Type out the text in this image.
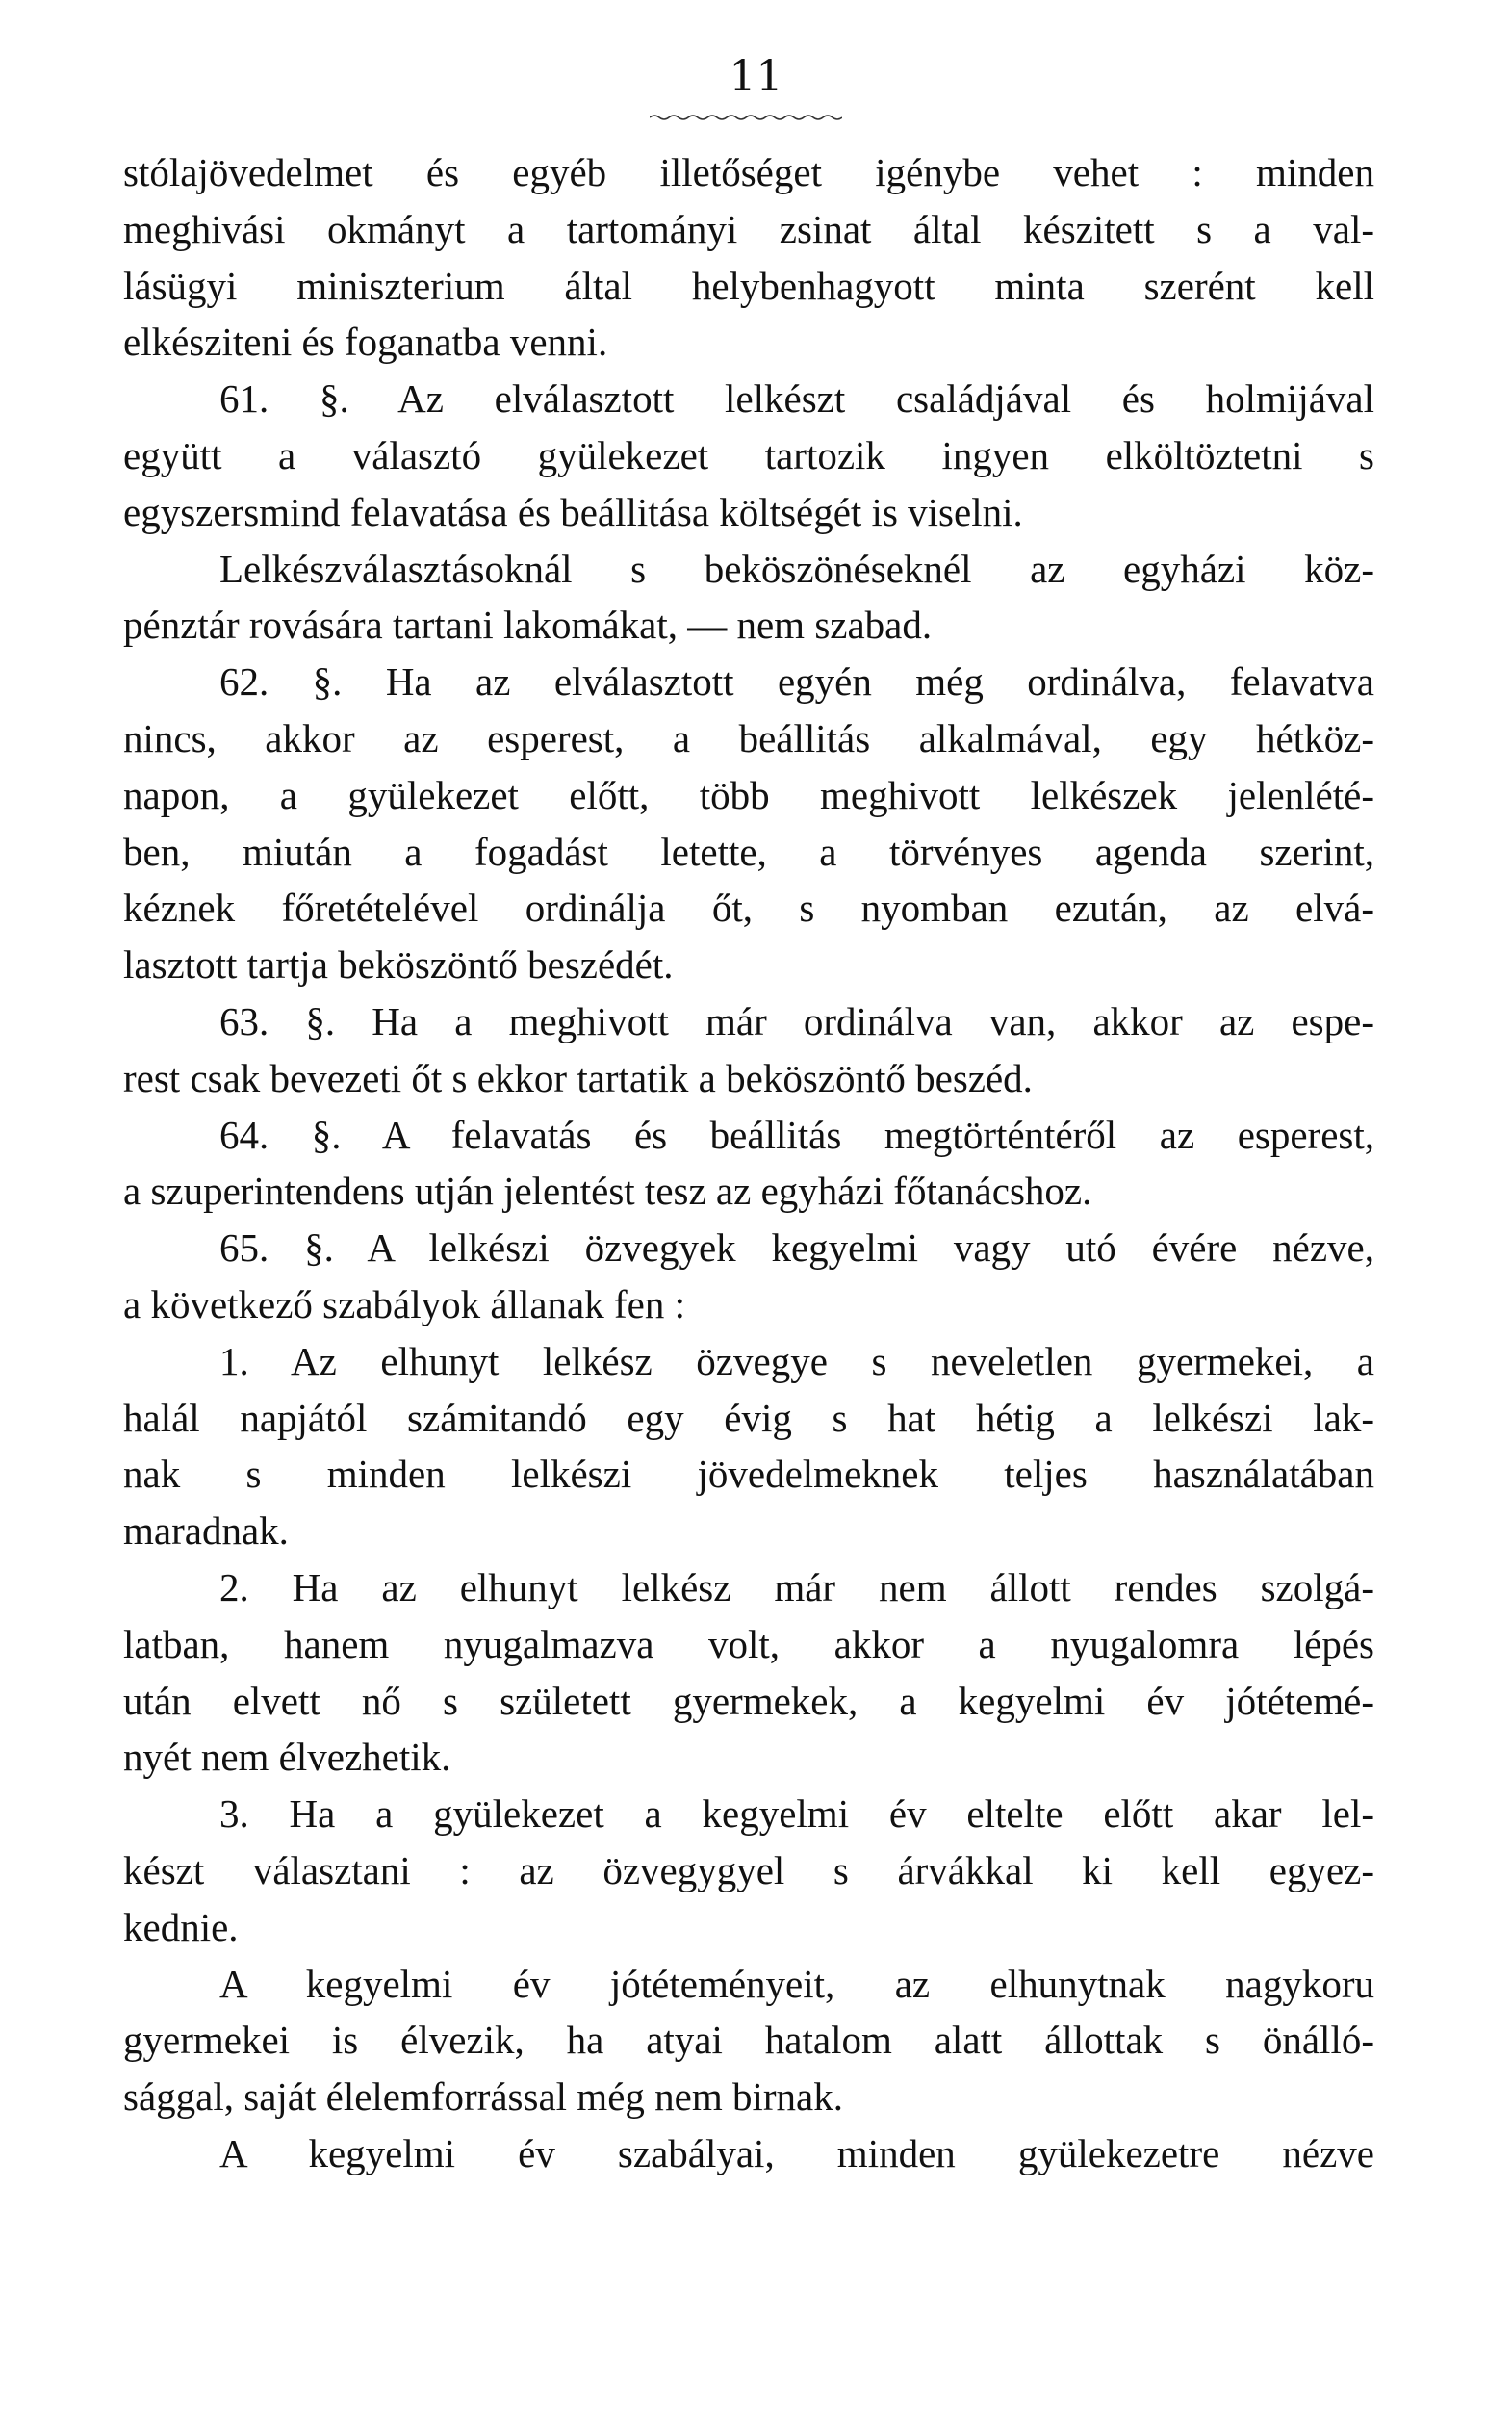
11
stólajövedelmet és egyéb illetőséget igénybe vehet : minden
meghivási okmányt a tartományi zsinat által készitett s a val-
lásügyi miniszterium által helybenhagyott minta szerént kell
elkésziteni és foganatba venni.
61. §. Az elválasztott lelkészt családjával és holmijával
együtt a választó gyülekezet tartozik ingyen elköltöztetni s
egyszersmind felavatása és beállitása költségét is viselni.
Lelkészválasztásoknál s beköszönéseknél az egyházi köz-
pénztár rovására tartani lakomákat, — nem szabad.
62. §. Ha az elválasztott egyén még ordinálva, felavatva
nincs, akkor az esperest, a beállitás alkalmával, egy hétköz-
napon, a gyülekezet előtt, több meghivott lelkészek jelenlété-
ben, miután a fogadást letette, a törvényes agenda szerint,
kéznek főretételével ordinálja őt, s nyomban ezután, az elvá-
lasztott tartja beköszöntő beszédét.
63. §. Ha a meghivott már ordinálva van, akkor az espe-
rest csak bevezeti őt s ekkor tartatik a beköszöntő beszéd.
64. §. A felavatás és beállitás megtörténtéről az esperest,
a szuperintendens utján jelentést tesz az egyházi főtanácshoz.
65. §. A lelkészi özvegyek kegyelmi vagy utó évére nézve,
a következő szabályok állanak fen :
1. Az elhunyt lelkész özvegye s neveletlen gyermekei, a
halál napjától számitandó egy évig s hat hétig a lelkészi lak-
nak s minden lelkészi jövedelmeknek teljes használatában
maradnak.
2. Ha az elhunyt lelkész már nem állott rendes szolgá-
latban, hanem nyugalmazva volt, akkor a nyugalomra lépés
után elvett nő s született gyermekek, a kegyelmi év jótétemé-
nyét nem élvezhetik.
3. Ha a gyülekezet a kegyelmi év eltelte előtt akar lel-
készt választani : az özvegygyel s árvákkal ki kell egyez-
kednie.
A kegyelmi év jótéteményeit, az elhunytnak nagykoru
gyermekei is élvezik, ha atyai hatalom alatt állottak s önálló-
sággal, saját élelemforrással még nem birnak.
A kegyelmi év szabályai, minden gyülekezetre nézve
